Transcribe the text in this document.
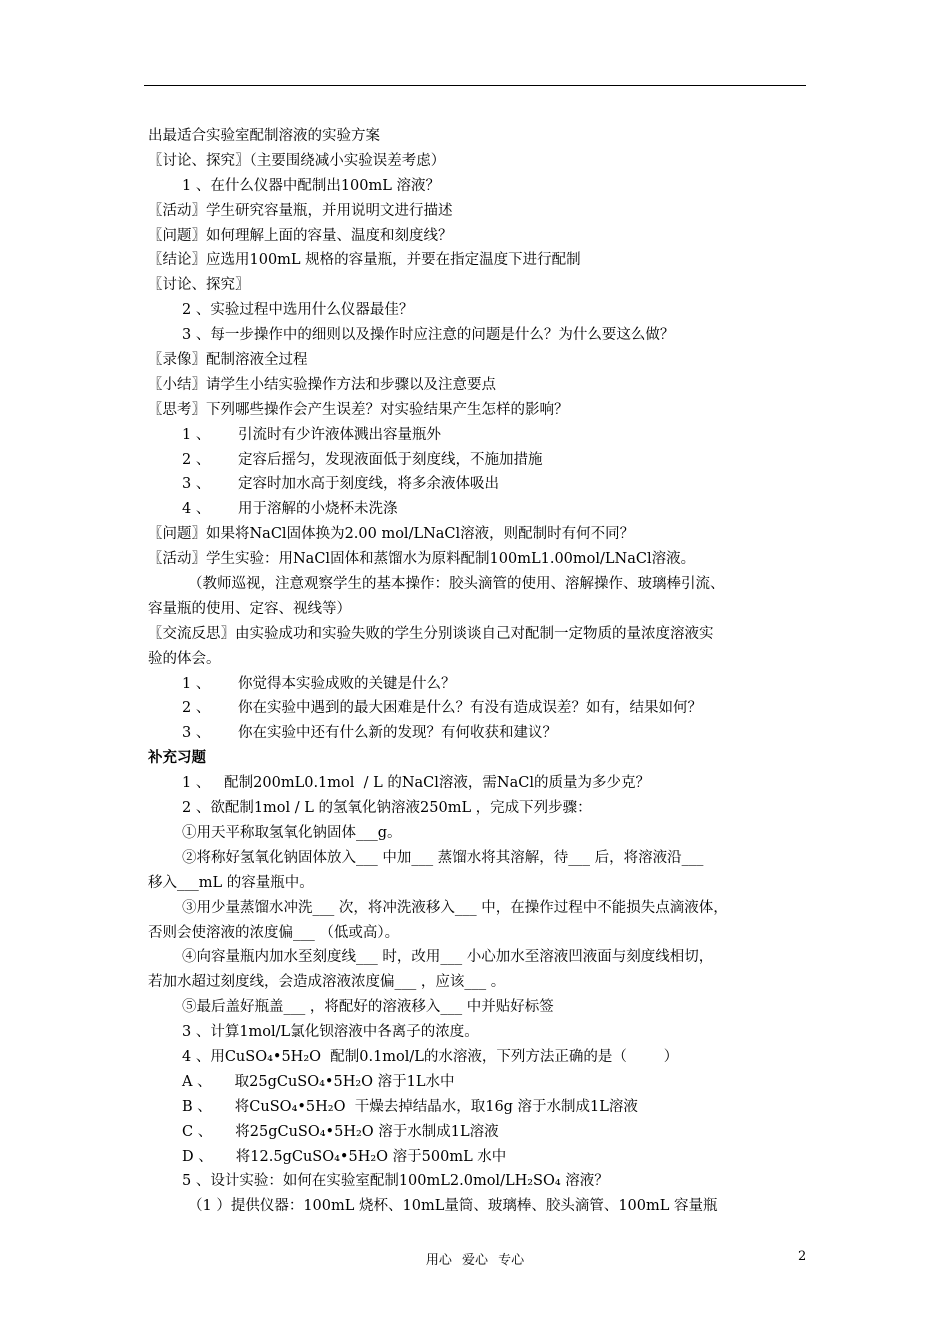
出最适合实验室配制溶液的实验方案
〖讨论、探究〗（主要围绕减小实验误差考虑）
1 、在什么仪器中配制出100mL 溶液？
〖活动〗学生研究容量瓶，并用说明文进行描述
〖问题〗如何理解上面的容量、温度和刻度线？
〖结论〗应选用100mL 规格的容量瓶，并要在指定温度下进行配制
〖讨论、探究〗
2 、实验过程中选用什么仪器最佳？
3 、每一步操作中的细则以及操作时应注意的问题是什么？为什么要这么做？
〖录像〗配制溶液全过程
〖小结〗请学生小结实验操作方法和步骤以及注意要点
〖思考〗下列哪些操作会产生误差？对实验结果产生怎样的影响？
1 、      引流时有少许液体溅出容量瓶外
2 、      定容后摇匀，发现液面低于刻度线，不施加措施
3 、      定容时加水高于刻度线，将多余液体吸出
4 、      用于溶解的小烧杯未洗涤
〖问题〗如果将NaCl固体换为2.00 mol/LNaCl溶液，则配制时有何不同？
〖活动〗学生实验：用NaCl固体和蒸馏水为原料配制100mL1.00mol/LNaCl溶液。
（教师巡视，注意观察学生的基本操作：胶头滴管的使用、溶解操作、玻璃棒引流、
容量瓶的使用、定容、视线等）
〖交流反思〗由实验成功和实验失败的学生分别谈谈自己对配制一定物质的量浓度溶液实
验的体会。
1 、      你觉得本实验成败的关键是什么？
2 、      你在实验中遇到的最大困难是什么？有没有造成误差？如有，结果如何？
3 、      你在实验中还有什么新的发现？有何收获和建议？
补充习题
1 、   配制200mL0.1mol  / L 的NaCl溶液，需NaCl的质量为多少克？
2 、欲配制1mol / L 的氢氧化钠溶液250mL ，完成下列步骤：
①用天平称取氢氧化钠固体___g。
②将称好氢氧化钠固体放入___ 中加___ 蒸馏水将其溶解，待___ 后，将溶液沿___
移入___mL 的容量瓶中。
③用少量蒸馏水冲洗___ 次，将冲洗液移入___ 中，在操作过程中不能损失点滴液体，
否则会使溶液的浓度偏___ （低或高）。
④向容量瓶内加水至刻度线___ 时，改用___ 小心加水至溶液凹液面与刻度线相切，
若加水超过刻度线，会造成溶液浓度偏___ ，应该___ 。
⑤最后盖好瓶盖___ ，将配好的溶液移入___ 中并贴好标签
3 、计算1mol/L氯化钡溶液中各离子的浓度。
4 、用CuSO₄•5H₂O  配制0.1mol/L的水溶液，下列方法正确的是（        ）
A 、     取25gCuSO₄•5H₂O 溶于1L水中
B 、     将CuSO₄•5H₂O  干燥去掉结晶水，取16g 溶于水制成1L溶液
C 、     将25gCuSO₄•5H₂O 溶于水制成1L溶液
D 、     将12.5gCuSO₄•5H₂O 溶于500mL 水中
5 、设计实验：如何在实验室配制100mL2.0mol/LH₂SO₄ 溶液？
（1 ）提供仪器：100mL 烧杯、10mL量筒、玻璃棒、胶头滴管、100mL 容量瓶
用心 爱心 专心	2
